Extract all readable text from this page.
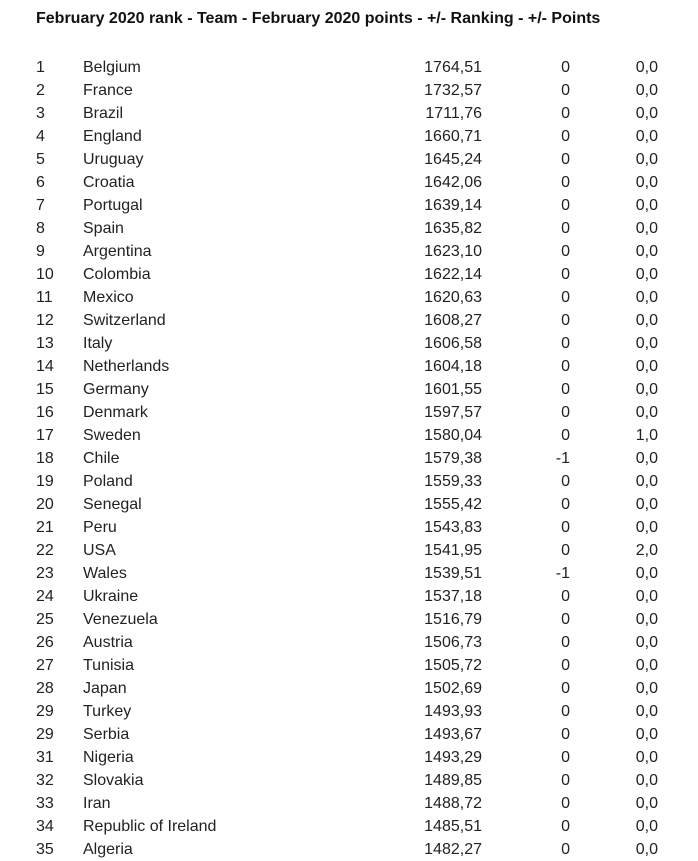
February 2020 rank - Team - February 2020 points - +/- Ranking - +/- Points
1 Belgium	1764,51	0	0,0
2 France	1732,57	0	0,0
3 Brazil	1711,76	0	0,0
4 England	1660,71	0	0,0
5 Uruguay	1645,24	0	0,0
6 Croatia	1642,06	0	0,0
7 Portugal	1639,14	0	0,0
8 Spain	1635,82	0	0,0
9 Argentina	1623,10	0	0,0
10 Colombia	1622,14	0	0,0
11 Mexico	1620,63	0	0,0
12 Switzerland	1608,27	0	0,0
13 Italy	1606,58	0	0,0
14 Netherlands	1604,18	0	0,0
15 Germany	1601,55	0	0,0
16 Denmark	1597,57	0	0,0
17 Sweden	1580,04	0	1,0
18 Chile	1579,38	-1	0,0
19 Poland	1559,33	0	0,0
20 Senegal	1555,42	0	0,0
21 Peru	1543,83	0	0,0
22 USA	1541,95	0	2,0
23 Wales	1539,51	-1	0,0
24 Ukraine	1537,18	0	0,0
25 Venezuela	1516,79	0	0,0
26 Austria	1506,73	0	0,0
27 Tunisia	1505,72	0	0,0
28 Japan	1502,69	0	0,0
29 Turkey	1493,93	0	0,0
29 Serbia	1493,67	0	0,0
31 Nigeria	1493,29	0	0,0
32 Slovakia	1489,85	0	0,0
33 Iran	1488,72	0	0,0
34 Republic of Ireland	1485,51	0	0,0
35 Algeria	1482,27	0	0,0
